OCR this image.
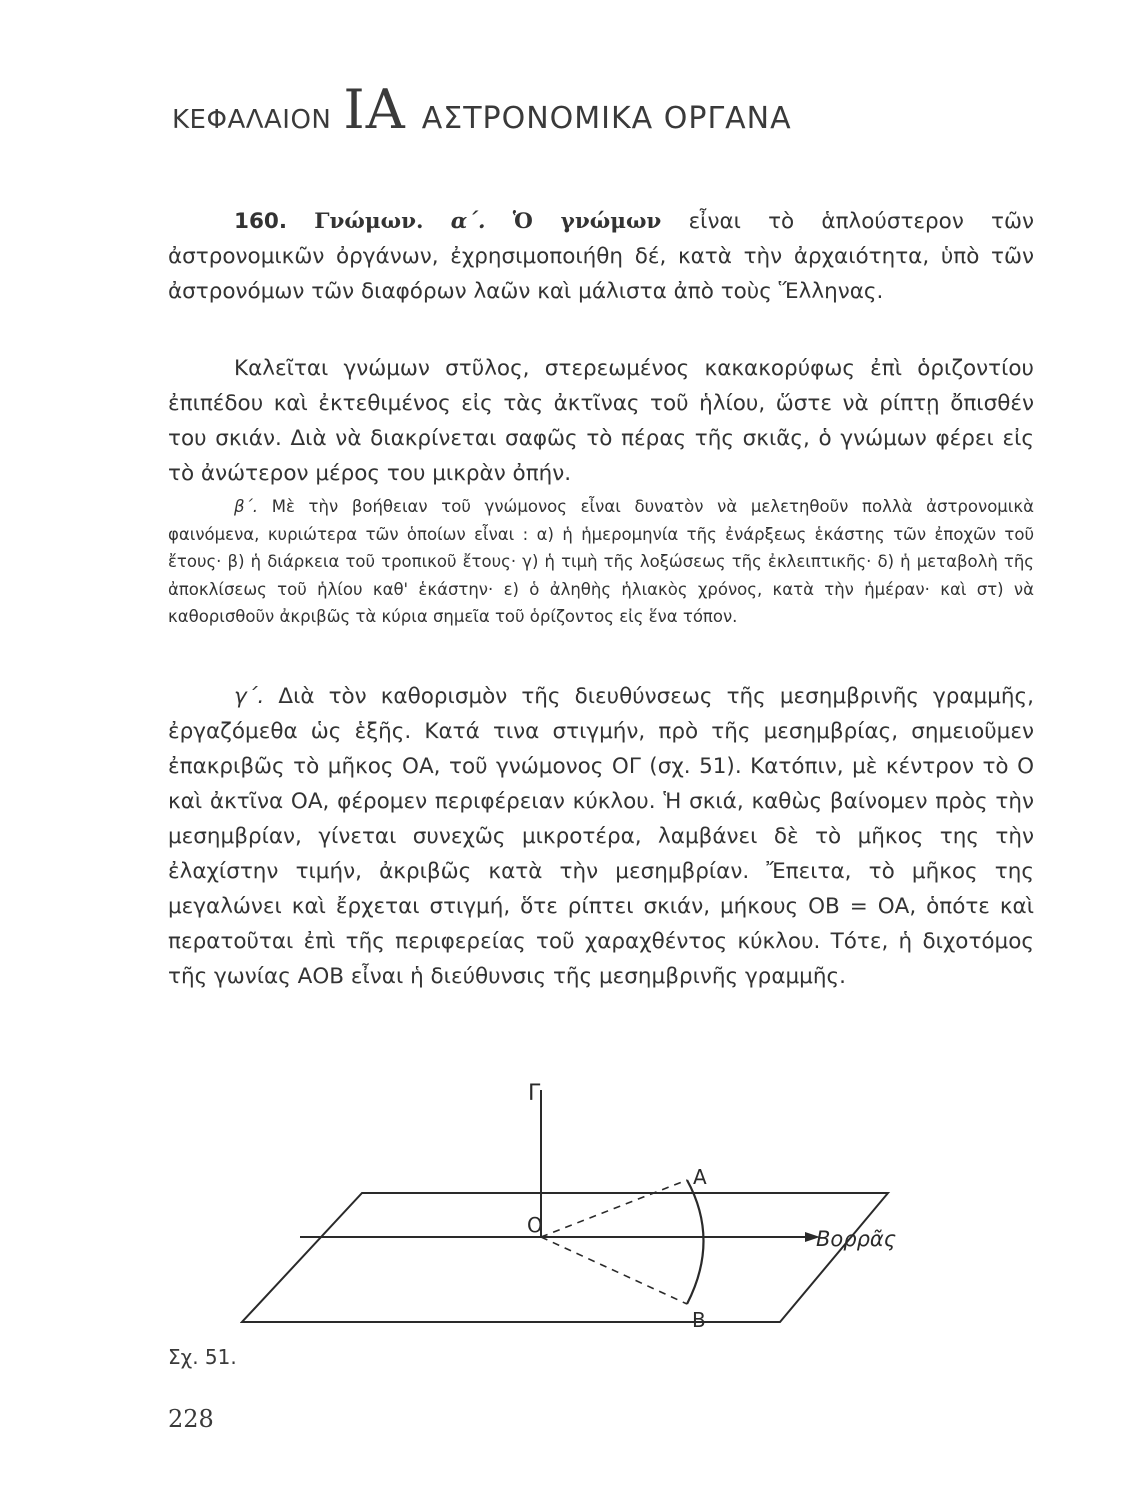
ΚΕΦΑΛΑΙΟΝ ΙΑ ΑΣΤΡΟΝΟΜΙΚΑ ΟΡΓΑΝΑ

160. Γνώμων. α΄. Ὁ γνώμων εἶναι τὸ ἁπλούστερον τῶν ἀστρονομικῶν ὀργάνων, ἐχρησιμοποιήθη δέ, κατὰ τὴν ἀρχαιότητα, ὑπὸ τῶν ἀστρονόμων τῶν διαφόρων λαῶν καὶ μάλιστα ἀπὸ τοὺς Ἕλληνας.

Καλεῖται γνώμων στῦλος, στερεωμένος κακακορύφως ἐπὶ ὁριζοντίου ἐπιπέδου καὶ ἐκτεθιμένος εἰς τὰς ἀκτῖνας τοῦ ἡλίου, ὥστε νὰ ρίπτῃ ὄπισθέν του σκιάν. Διὰ νὰ διακρίνεται σαφῶς τὸ πέρας τῆς σκιᾶς, ὁ γνώμων φέρει εἰς τὸ ἀνώτερον μέρος του μικρὰν ὀπήν.

β΄. Μὲ τὴν βοήθειαν τοῦ γνώμονος εἶναι δυνατὸν νὰ μελετηθοῦν πολλὰ ἀστρονομικὰ φαινόμενα, κυριώτερα τῶν ὁποίων εἶναι : α) ἡ ἡμερομηνία τῆς ἐνάρξεως ἑκάστης τῶν ἐποχῶν τοῦ ἔτους· β) ἡ διάρκεια τοῦ τροπικοῦ ἔτους· γ) ἡ τιμὴ τῆς λοξώσεως τῆς ἐκλειπτικῆς· δ) ἡ μεταβολὴ τῆς ἀποκλίσεως τοῦ ἡλίου καθ' ἑκάστην· ε) ὁ ἀληθὴς ἡλιακὸς χρόνος, κατὰ τὴν ἡμέραν· καὶ στ) νὰ καθορισθοῦν ἀκριβῶς τὰ κύρια σημεῖα τοῦ ὁρίζοντος εἰς ἕνα τόπον.

γ΄. Διὰ τὸν καθορισμὸν τῆς διευθύνσεως τῆς μεσημβρινῆς γραμμῆς, ἐργαζόμεθα ὡς ἑξῆς. Κατά τινα στιγμήν, πρὸ τῆς μεσημβρίας, σημειοῦμεν ἐπακριβῶς τὸ μῆκος ΟΑ, τοῦ γνώμονος ΟΓ (σχ. 51). Κατόπιν, μὲ κέντρον τὸ Ο καὶ ἀκτῖνα ΟΑ, φέρομεν περιφέρειαν κύκλου. Ἡ σκιά, καθὼς βαίνομεν πρὸς τὴν μεσημβρίαν, γίνεται συνεχῶς μικροτέρα, λαμβάνει δὲ τὸ μῆκος της τὴν ἐλαχίστην τιμήν, ἀκριβῶς κατὰ τὴν μεσημβρίαν. Ἔπειτα, τὸ μῆκος της μεγαλώνει καὶ ἔρχεται στιγμή, ὅτε ρίπτει σκιάν, μήκους ΟΒ = ΟΑ, ὁπότε καὶ περατοῦται ἐπὶ τῆς περιφερείας τοῦ χαραχθέντος κύκλου. Τότε, ἡ διχοτόμος τῆς γωνίας ΑΟΒ εἶναι ἡ διεύθυνσις τῆς μεσημβρινῆς γραμμῆς.

Γ
Ο
Α
Β
Βορρᾶς
Σχ. 51.
228
